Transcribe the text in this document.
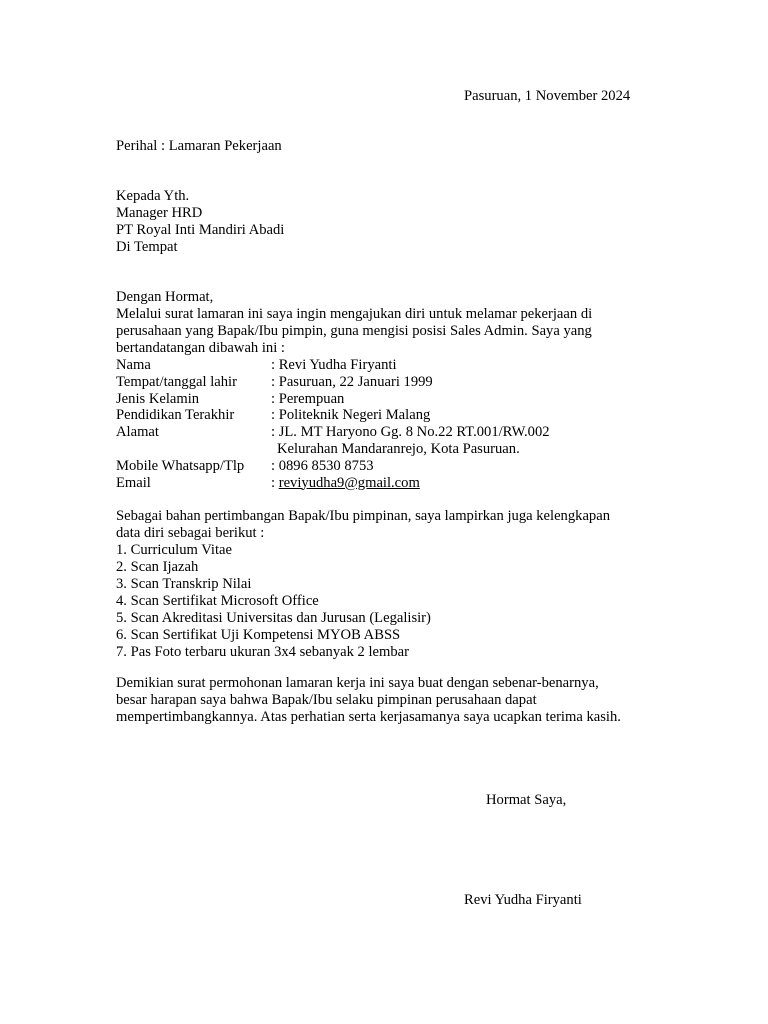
Pasuruan, 1 November 2024
Perihal : Lamaran Pekerjaan
Kepada Yth.
Manager HRD
PT Royal Inti Mandiri Abadi
Di Tempat
Dengan Hormat,
Melalui surat lamaran ini saya ingin mengajukan diri untuk melamar pekerjaan di
perusahaan yang Bapak/Ibu pimpin, guna mengisi posisi Sales Admin. Saya yang
bertandatangan dibawah ini :
Nama	: Revi Yudha Firyanti
Tempat/tanggal lahir	: Pasuruan, 22 Januari 1999
Jenis Kelamin	: Perempuan
Pendidikan Terakhir	: Politeknik Negeri Malang
Alamat	: JL. MT Haryono Gg. 8 No.22 RT.001/RW.002
Kelurahan Mandaranrejo, Kota Pasuruan.
Mobile Whatsapp/Tlp	: 0896 8530 8753
Email	: reviyudha9@gmail.com
Sebagai bahan pertimbangan Bapak/Ibu pimpinan, saya lampirkan juga kelengkapan
data diri sebagai berikut :
1. Curriculum Vitae
2. Scan Ijazah
3. Scan Transkrip Nilai
4. Scan Sertifikat Microsoft Office
5. Scan Akreditasi Universitas dan Jurusan (Legalisir)
6. Scan Sertifikat Uji Kompetensi MYOB ABSS
7. Pas Foto terbaru ukuran 3x4 sebanyak 2 lembar
Demikian surat permohonan lamaran kerja ini saya buat dengan sebenar-benarnya,
besar harapan saya bahwa Bapak/Ibu selaku pimpinan perusahaan dapat
mempertimbangkannya. Atas perhatian serta kerjasamanya saya ucapkan terima kasih.
Hormat Saya,
Revi Yudha Firyanti
